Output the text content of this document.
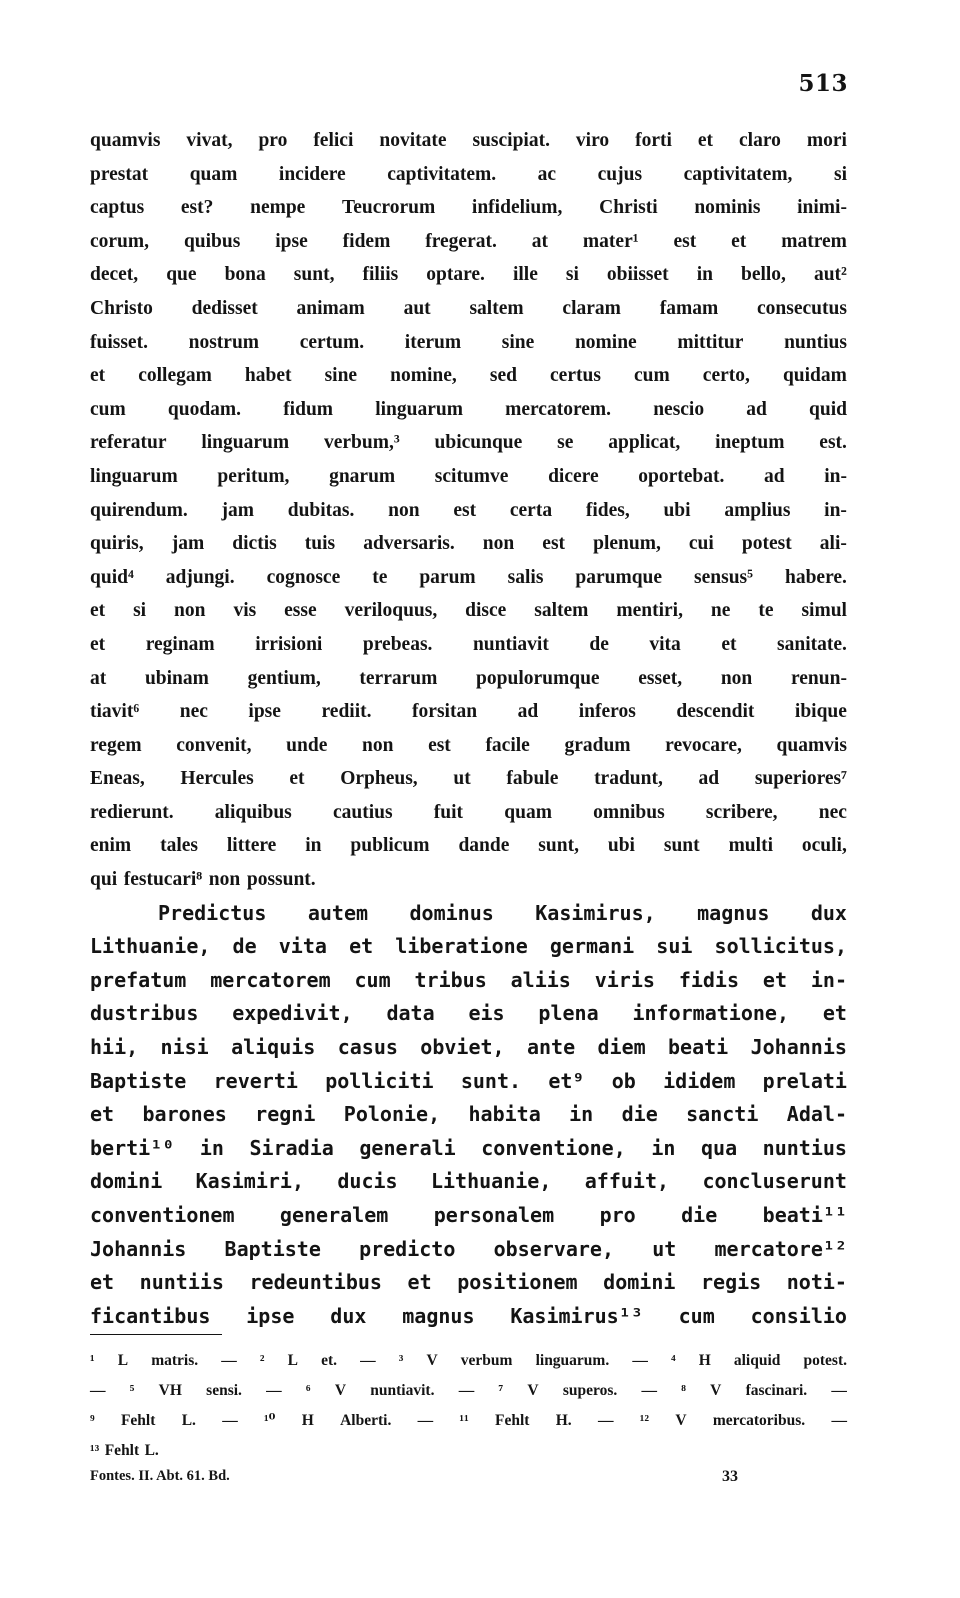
513
quamvis vivat, pro felici novitate suscipiat. viro forti et claro mori
prestat quam incidere captivitatem. ac cujus captivitatem, si
captus est? nempe Teucrorum infidelium, Christi nominis inimi-
corum, quibus ipse fidem fregerat. at mater¹ est et matrem
decet, que bona sunt, filiis optare. ille si obiisset in bello, aut²
Christo dedisset animam aut saltem claram famam consecutus
fuisset. nostrum certum. iterum sine nomine mittitur nuntius
et collegam habet sine nomine, sed certus cum certo, quidam
cum quodam. fidum linguarum mercatorem. nescio ad quid
referatur linguarum verbum,³ ubicunque se applicat, ineptum est.
linguarum peritum, gnarum scitumve dicere oportebat. ad in-
quirendum. jam dubitas. non est certa fides, ubi amplius in-
quiris, jam dictis tuis adversaris. non est plenum, cui potest ali-
quid⁴ adjungi. cognosce te parum salis parumque sensus⁵ habere.
et si non vis esse veriloquus, disce saltem mentiri, ne te simul
et reginam irrisioni prebeas. nuntiavit de vita et sanitate.
at ubinam gentium, terrarum populorumque esset, non renun-
tiavit⁶ nec ipse rediit. forsitan ad inferos descendit ibique
regem convenit, unde non est facile gradum revocare, quamvis
Eneas, Hercules et Orpheus, ut fabule tradunt, ad superiores⁷
redierunt. aliquibus cautius fuit quam omnibus scribere, nec
enim tales littere in publicum dande sunt, ubi sunt multi oculi,
qui festucari⁸ non possunt.
Predictus autem dominus Kasimirus, magnus dux
Lithuanie, de vita et liberatione germani sui sollicitus,
prefatum mercatorem cum tribus aliis viris fidis et in-
dustribus expedivit, data eis plena informatione, et
hii, nisi aliquis casus obviet, ante diem beati Johannis
Baptiste reverti polliciti sunt. et⁹ ob ididem prelati
et barones regni Polonie, habita in die sancti Adal-
berti¹⁰ in Siradia generali conventione, in qua nuntius
domini Kasimiri, ducis Lithuanie, affuit, concluserunt
conventionem generalem personalem pro die beati¹¹
Johannis Baptiste predicto observare, ut mercatore¹²
et nuntiis redeuntibus et positionem domini regis noti-
ficantibus ipse dux magnus Kasimirus¹³ cum consilio
¹ L matris. — ² L et. — ³ V verbum linguarum. — ⁴ H aliquid potest.
— ⁵ VH sensi. — ⁶ V nuntiavit. — ⁷ V superos. — ⁸ V fascinari. —
⁹ Fehlt L. — ¹⁰ H Alberti. — ¹¹ Fehlt H. — ¹² V mercatoribus. —
¹³ Fehlt L.
Fontes. II. Abt. 61. Bd.	33
